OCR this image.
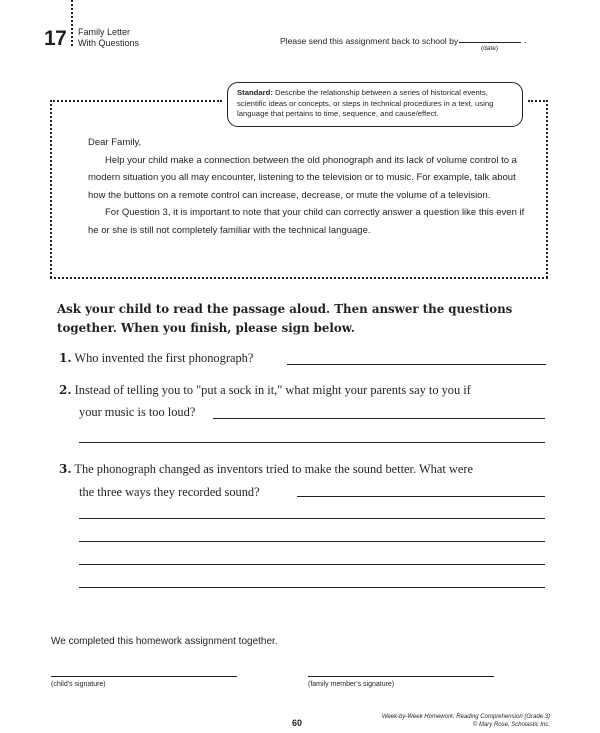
17 Family Letter
With Questions	Please send this assignment back to school by	.
(date)
Standard: Describe the relationship between a series of historical events, scientific ideas or concepts, or steps in technical procedures in a text, using language that pertains to time, sequence, and cause/effect.

Dear Family,

Help your child make a connection between the old phonograph and its lack of volume control to a modern situation you all may encounter, listening to the television or to music. For example, talk about how the buttons on a remote control can increase, decrease, or mute the volume of a television.

For Question 3, it is important to note that your child can correctly answer a question like this even if he or she is still not completely familiar with the technical language.

Ask your child to read the passage aloud. Then answer the questions together. When you finish, please sign below.
1. Who invented the first phonograph?
2. Instead of telling you to "put a sock in it," what might your parents say to you if
your music is too loud?
3. The phonograph changed as inventors tried to make the sound better. What were
the three ways they recorded sound?
We completed this homework assignment together.
(child's signature)	(family member's signature)
60
Week-by-Week Homework: Reading Comprehension (Grade 3)
© Mary Rose, Scholastic Inc.
